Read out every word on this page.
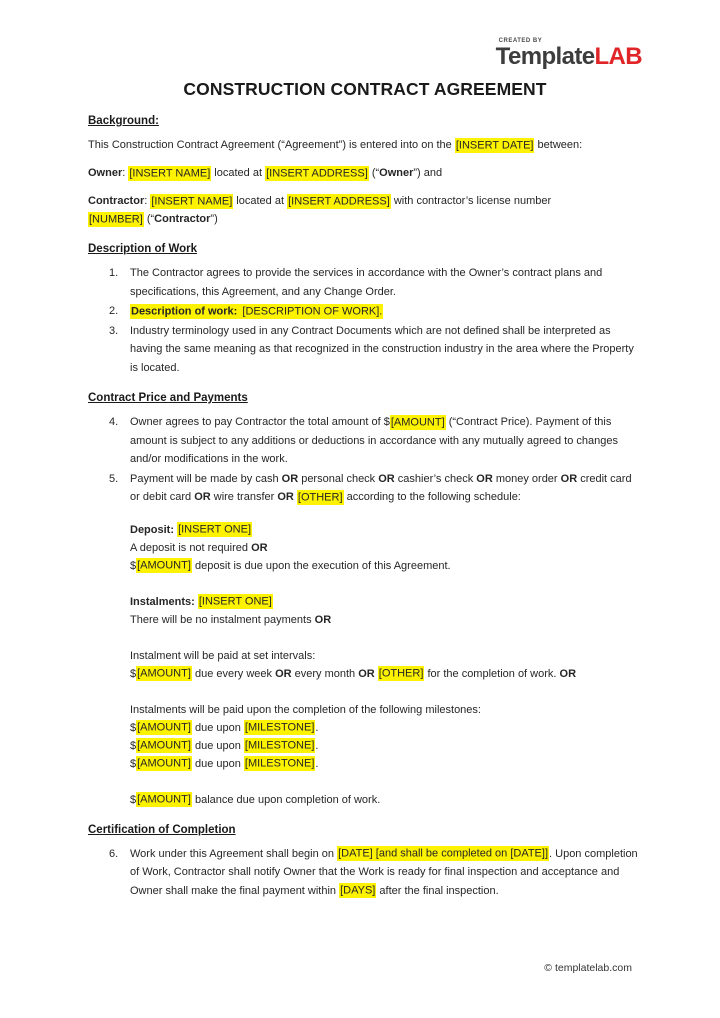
CREATED BY
TemplateLAB
CONSTRUCTION CONTRACT AGREEMENT
Background:

This Construction Contract Agreement (“Agreement”) is entered into on the [INSERT DATE] between:

Owner: [INSERT NAME] located at [INSERT ADDRESS] (“Owner”) and

Contractor: [INSERT NAME] located at [INSERT ADDRESS] with contractor’s license number
[NUMBER] (“Contractor”)

Description of Work
1.	The Contractor agrees to provide the services in accordance with the Owner’s contract plans and specifications, this Agreement, and any Change Order.
2.	Description of work: [DESCRIPTION OF WORK].
3.	Industry terminology used in any Contract Documents which are not defined shall be interpreted as having the same meaning as that recognized in the construction industry in the area where the Property is located.
Contract Price and Payments
4.	Owner agrees to pay Contractor the total amount of $[AMOUNT] (“Contract Price). Payment of this amount is subject to any additions or deductions in accordance with any mutually agreed to changes and/or modifications in the work.
5.	Payment will be made by cash OR personal check OR cashier’s check OR money order OR credit card or debit card OR wire transfer OR [OTHER] according to the following schedule:

Deposit: [INSERT ONE]

A deposit is not required OR

$[AMOUNT] deposit is due upon the execution of this Agreement.

Instalments: [INSERT ONE]

There will be no instalment payments OR

Instalment will be paid at set intervals:

$[AMOUNT] due every week OR every month OR [OTHER] for the completion of work. OR

Instalments will be paid upon the completion of the following milestones:

$[AMOUNT] due upon [MILESTONE].

$[AMOUNT] due upon [MILESTONE].

$[AMOUNT] due upon [MILESTONE].

$[AMOUNT] balance due upon completion of work.

Certification of Completion
6.	Work under this Agreement shall begin on [DATE] [and shall be completed on [DATE]]. Upon completion of Work, Contractor shall notify Owner that the Work is ready for final inspection and acceptance and Owner shall make the final payment within [DAYS] after the final inspection.
© templatelab.com
